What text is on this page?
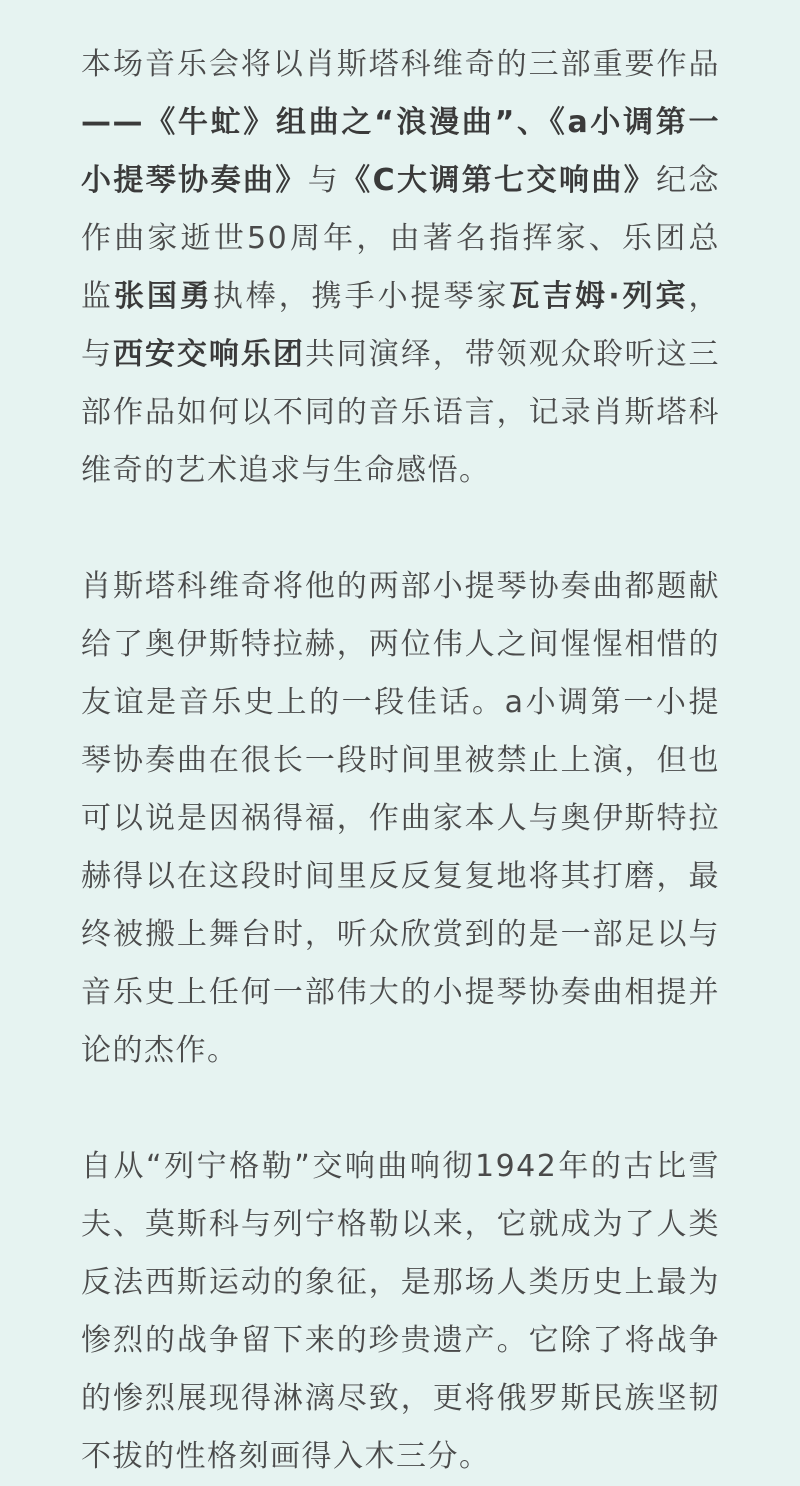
本场音乐会将以肖斯塔科维奇的三部重要作品——《牛虻》组曲之“浪漫曲”、《a小调第一小提琴协奏曲》与《C大调第七交响曲》纪念作曲家逝世50周年，由著名指挥家、乐团总监张国勇执棒，携手小提琴家瓦吉姆·列宾，与西安交响乐团共同演绎，带领观众聆听这三部作品如何以不同的音乐语言，记录肖斯塔科维奇的艺术追求与生命感悟。

肖斯塔科维奇将他的两部小提琴协奏曲都题献给了奥伊斯特拉赫，两位伟人之间惺惺相惜的友谊是音乐史上的一段佳话。a小调第一小提琴协奏曲在很长一段时间里被禁止上演，但也可以说是因祸得福，作曲家本人与奥伊斯特拉赫得以在这段时间里反反复复地将其打磨，最终被搬上舞台时，听众欣赏到的是一部足以与音乐史上任何一部伟大的小提琴协奏曲相提并论的杰作。

自从“列宁格勒”交响曲响彻1942年的古比雪夫、莫斯科与列宁格勒以来，它就成为了人类反法西斯运动的象征，是那场人类历史上最为惨烈的战争留下来的珍贵遗产。它除了将战争的惨烈展现得淋漓尽致，更将俄罗斯民族坚韧不拔的性格刻画得入木三分。
